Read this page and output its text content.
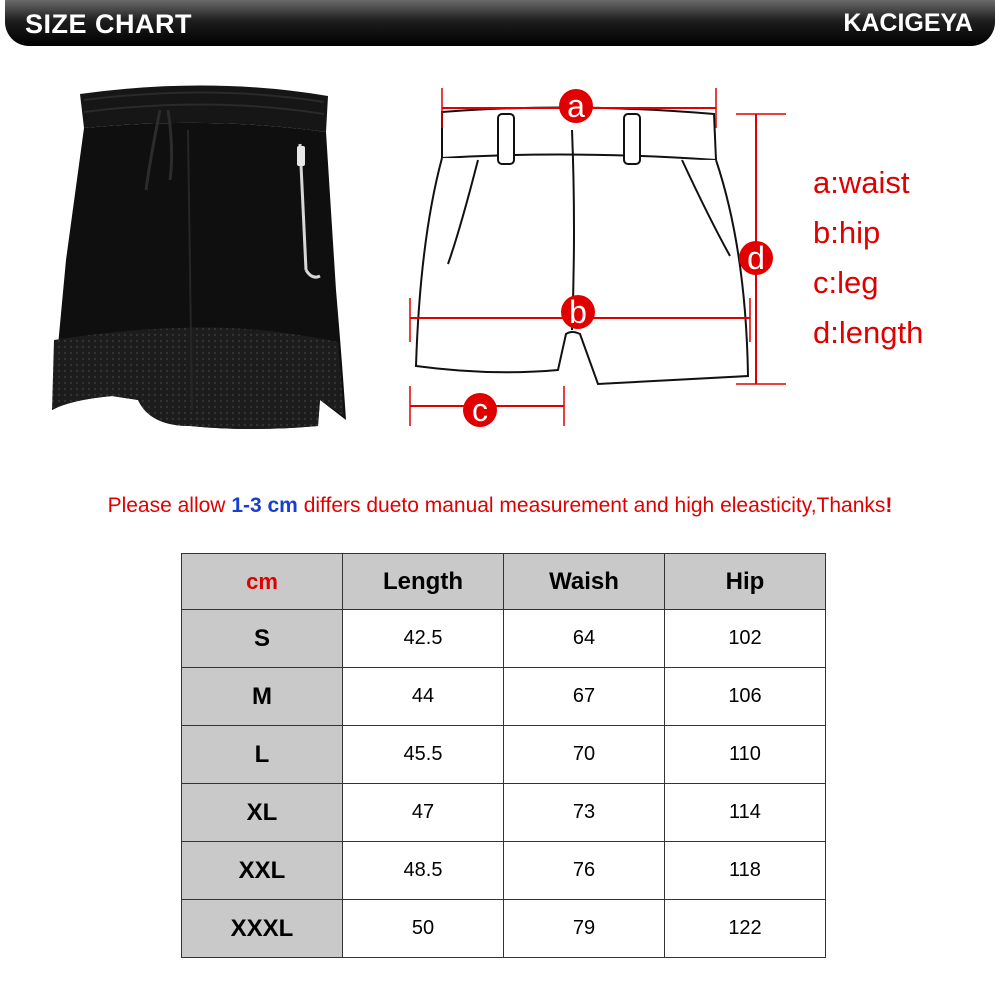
SIZE CHART	KACIGEYA
a
b
c
d
a:waist
b:hip
c:leg
d:length
Please allow 1-3 cm differs dueto manual measurement and high eleasticity,Thanks!
cm	Length	Waish	Hip
S	42.5	64	102
M	44	67	106
L	45.5	70	110
XL	47	73	114
XXL	48.5	76	118
XXXL	50	79	122
